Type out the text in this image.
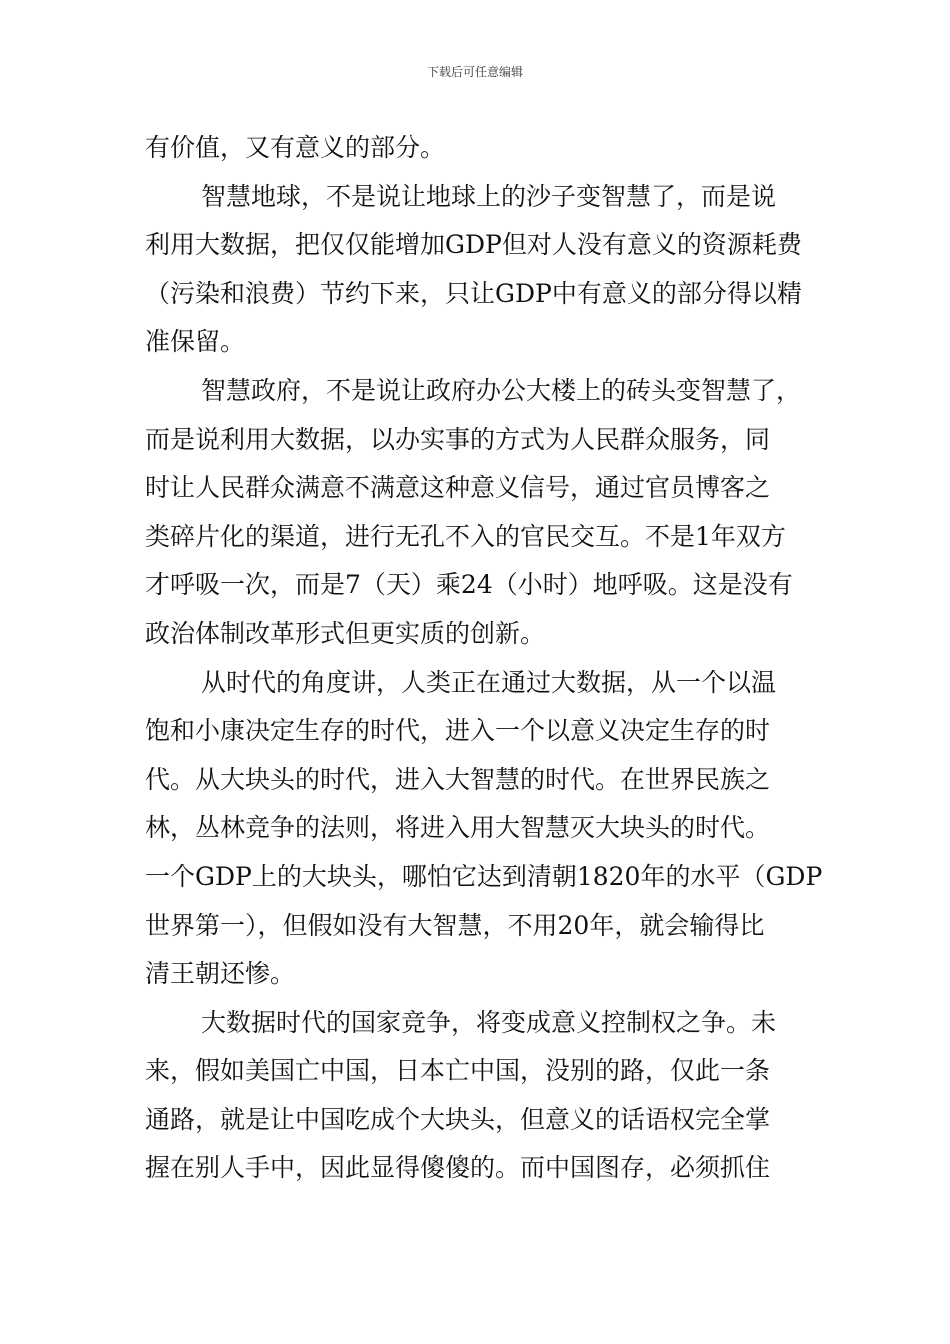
下载后可任意编辑
有价值，又有意义的部分。
智慧地球，不是说让地球上的沙子变智慧了，而是说
利用大数据，把仅仅能增加GDP但对人没有意义的资源耗费
（污染和浪费）节约下来，只让GDP中有意义的部分得以精
准保留。
智慧政府，不是说让政府办公大楼上的砖头变智慧了，
而是说利用大数据，以办实事的方式为人民群众服务，同
时让人民群众满意不满意这种意义信号，通过官员博客之
类碎片化的渠道，进行无孔不入的官民交互。不是1年双方
才呼吸一次，而是7（天）乘24（小时）地呼吸。这是没有
政治体制改革形式但更实质的创新。
从时代的角度讲，人类正在通过大数据，从一个以温
饱和小康决定生存的时代，进入一个以意义决定生存的时
代。从大块头的时代，进入大智慧的时代。在世界民族之
林，丛林竞争的法则，将进入用大智慧灭大块头的时代。
一个GDP上的大块头，哪怕它达到清朝1820年的水平（GDP
世界第一），但假如没有大智慧，不用20年，就会输得比
清王朝还惨。
大数据时代的国家竞争，将变成意义控制权之争。未
来，假如美国亡中国，日本亡中国，没别的路，仅此一条
通路，就是让中国吃成个大块头，但意义的话语权完全掌
握在别人手中，因此显得傻傻的。而中国图存，必须抓住
